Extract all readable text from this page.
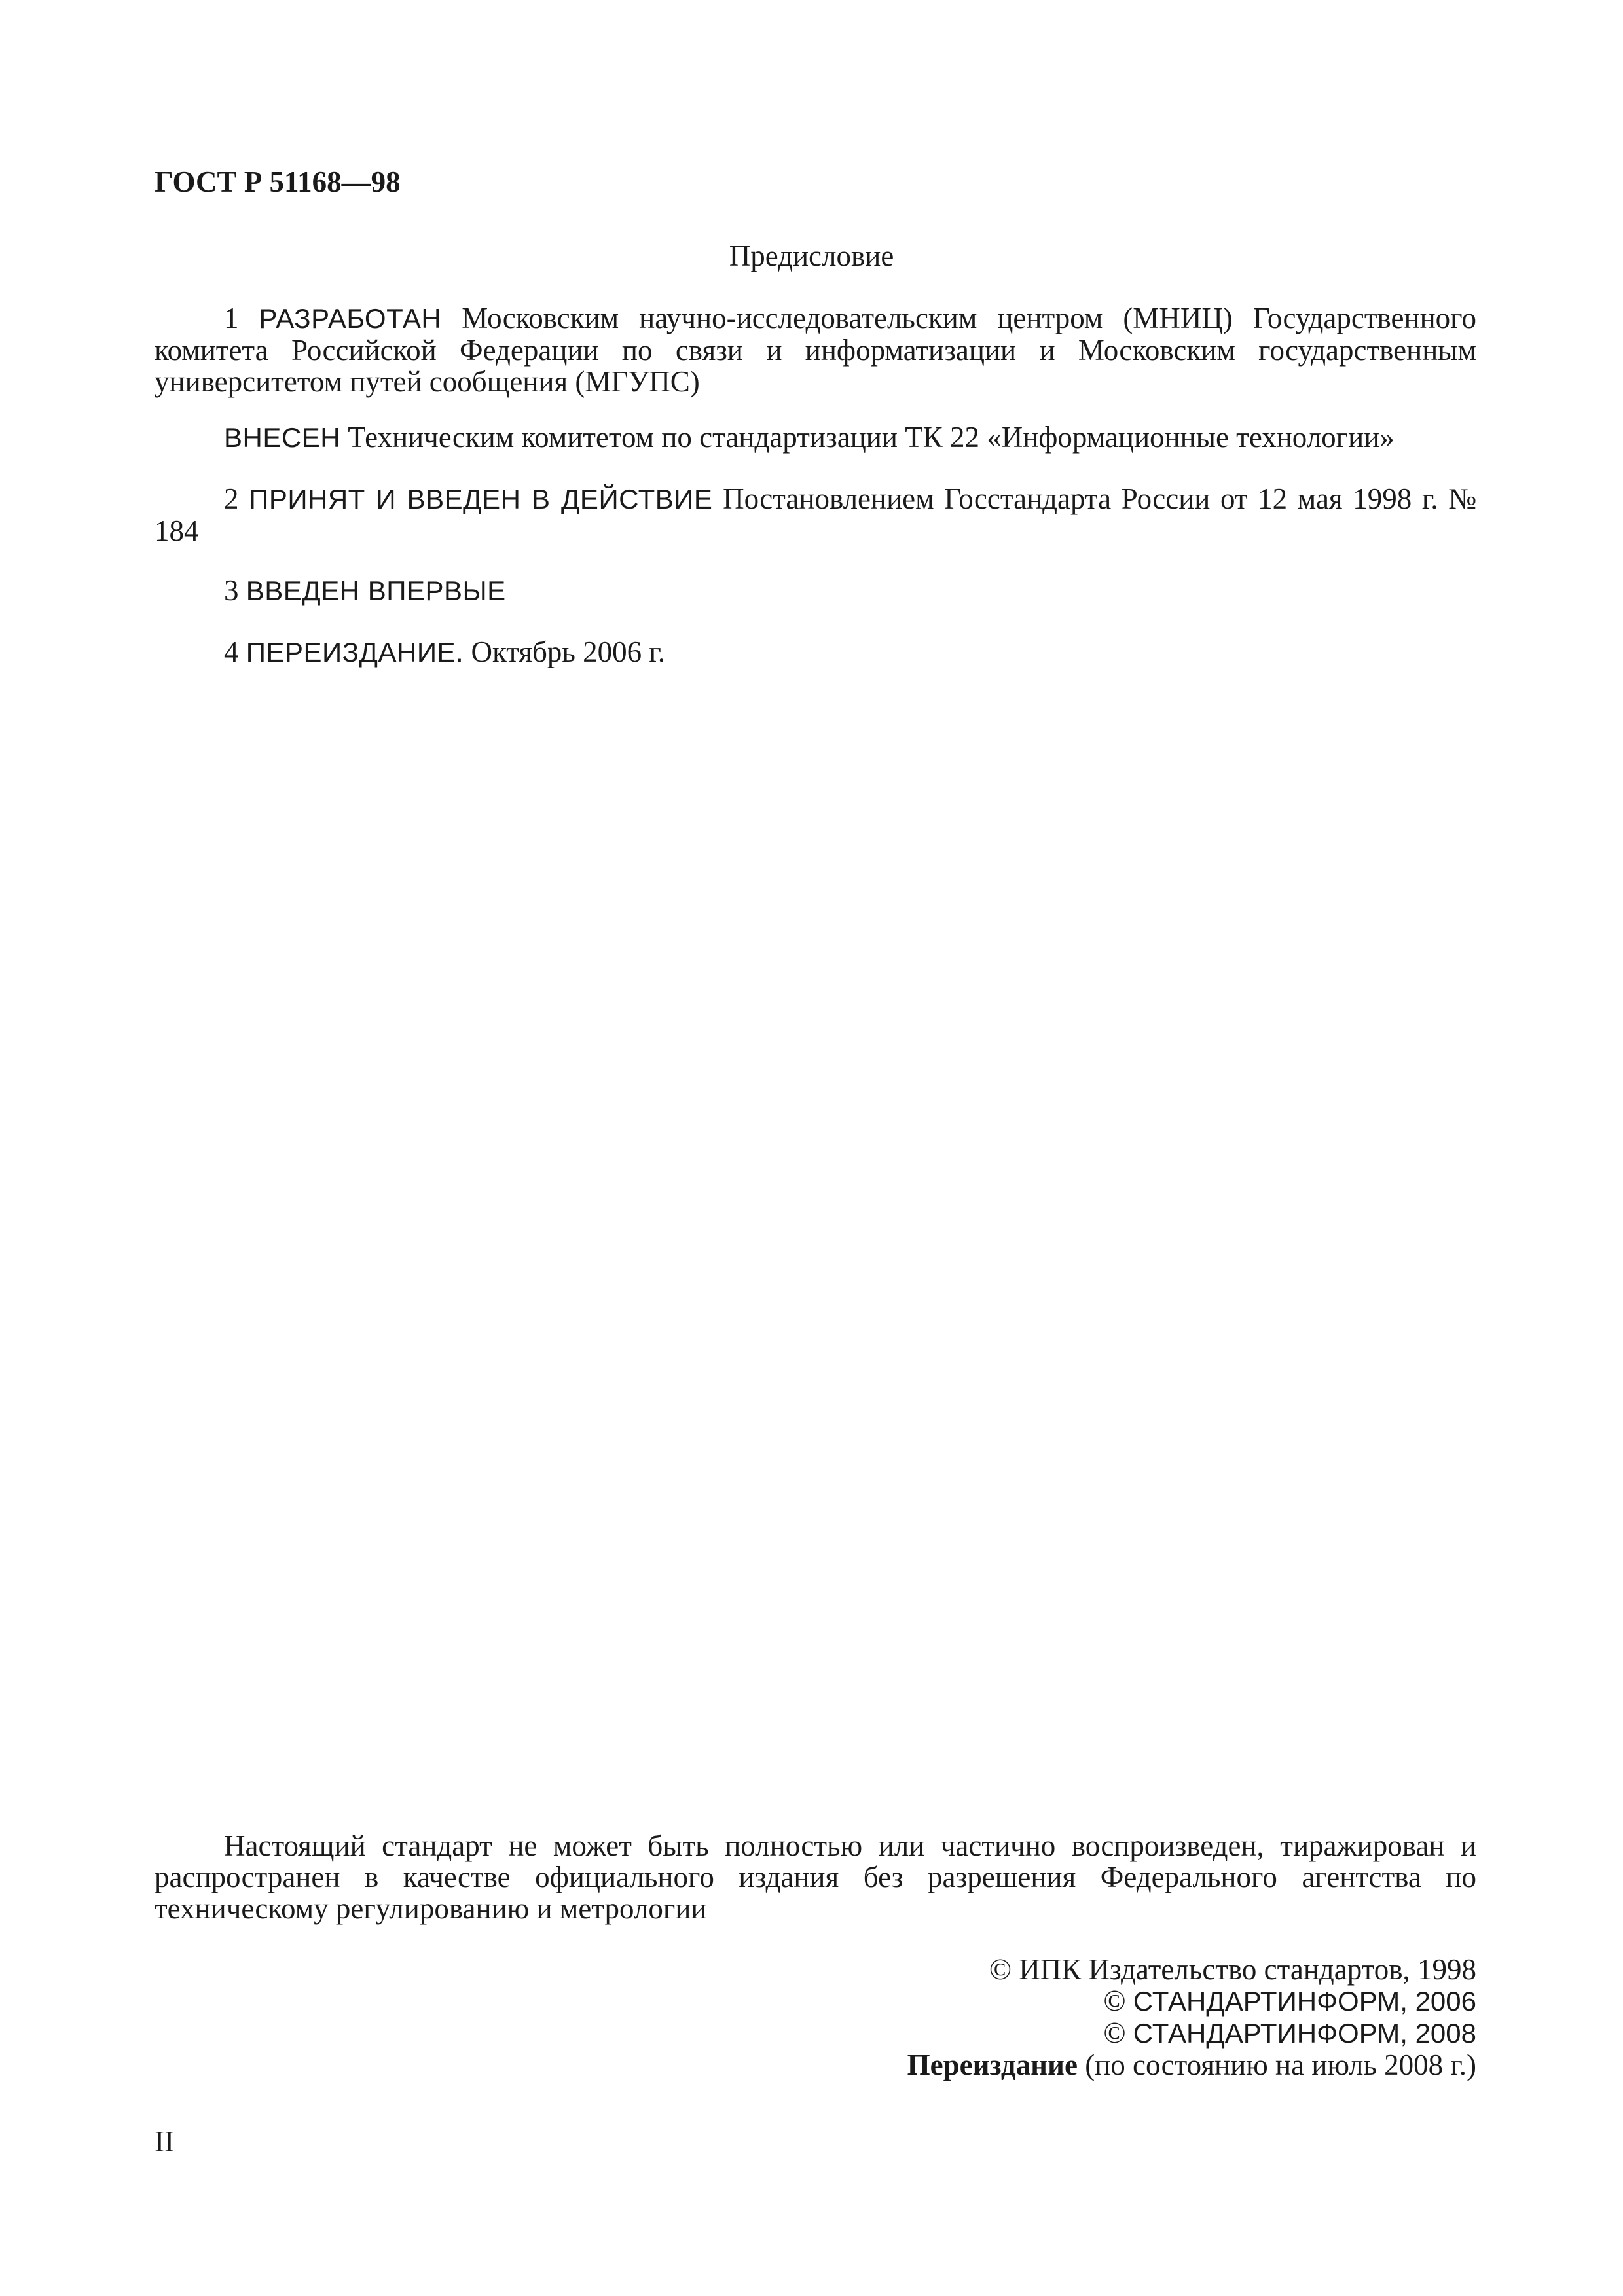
ГОСТ Р 51168—98
Предисловие

1 РАЗРАБОТАН Московским научно-исследовательским центром (МНИЦ) Государственного комитета Российской Федерации по связи и информатизации и Московским государственным университетом путей сообщения (МГУПС)

ВНЕСЕН Техническим комитетом по стандартизации ТК 22 «Информационные технологии»

2 ПРИНЯТ И ВВЕДЕН В ДЕЙСТВИЕ Постановлением Госстандарта России от 12 мая 1998 г. № 184

3 ВВЕДЕН ВПЕРВЫЕ

4 ПЕРЕИЗДАНИЕ. Октябрь 2006 г.

Настоящий стандарт не может быть полностью или частично воспроизведен, тиражирован и распространен в качестве официального издания без разрешения Федерального агентства по техническому регулированию и метрологии

© ИПК Издательство стандартов, 1998
© СТАНДАРТИНФОРМ, 2006
© СТАНДАРТИНФОРМ, 2008
Переиздание (по состоянию на июль 2008 г.)
II
